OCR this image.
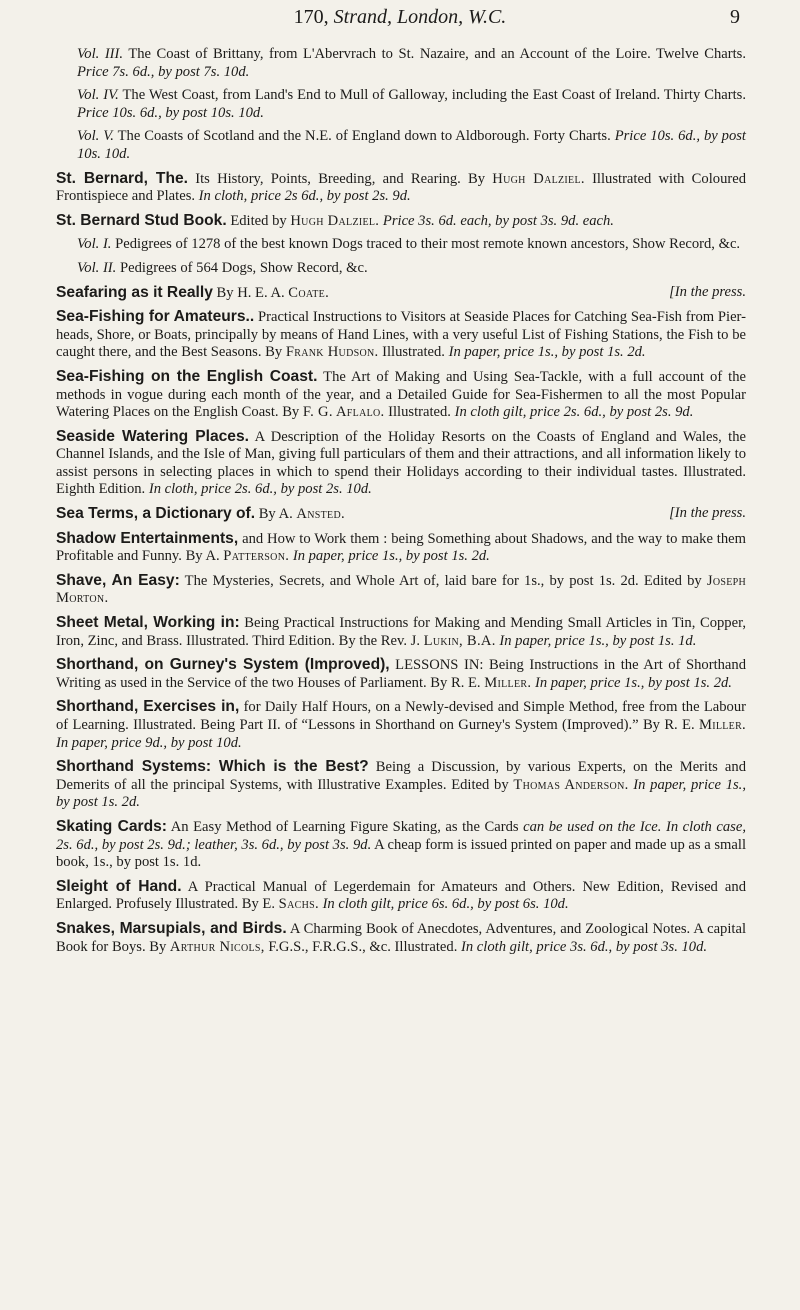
170, Strand, London, W.C.	9
Vol. III. The Coast of Brittany, from L'Abervrach to St. Nazaire, and an Account of the Loire. Twelve Charts. Price 7s. 6d., by post 7s. 10d.
Vol. IV. The West Coast, from Land's End to Mull of Galloway, including the East Coast of Ireland. Thirty Charts. Price 10s. 6d., by post 10s. 10d.
Vol. V. The Coasts of Scotland and the N.E. of England down to Aldborough. Forty Charts. Price 10s. 6d., by post 10s. 10d.
St. Bernard, The. Its History, Points, Breeding, and Rearing. By Hugh Dalziel. Illustrated with Coloured Frontispiece and Plates. In cloth, price 2s 6d., by post 2s. 9d.
St. Bernard Stud Book. Edited by Hugh Dalziel. Price 3s. 6d. each, by post 3s. 9d. each.
Vol. I. Pedigrees of 1278 of the best known Dogs traced to their most remote known ancestors, Show Record, &c.
Vol. II. Pedigrees of 564 Dogs, Show Record, &c.
[In the press.
Seafaring as it Really By H. E. A. Coate.
Sea-Fishing for Amateurs.. Practical Instructions to Visitors at Seaside Places for Catching Sea-Fish from Pier-heads, Shore, or Boats, principally by means of Hand Lines, with a very useful List of Fishing Stations, the Fish to be caught there, and the Best Seasons. By Frank Hudson. Illustrated. In paper, price 1s., by post 1s. 2d.
Sea-Fishing on the English Coast. The Art of Making and Using Sea-Tackle, with a full account of the methods in vogue during each month of the year, and a Detailed Guide for Sea-Fishermen to all the most Popular Watering Places on the English Coast. By F. G. Aflalo. Illustrated. In cloth gilt, price 2s. 6d., by post 2s. 9d.
Seaside Watering Places. A Description of the Holiday Resorts on the Coasts of England and Wales, the Channel Islands, and the Isle of Man, giving full particulars of them and their attractions, and all information likely to assist persons in selecting places in which to spend their Holidays according to their individual tastes. Illustrated. Eighth Edition. In cloth, price 2s. 6d., by post 2s. 10d.
[In the press.
Sea Terms, a Dictionary of. By A. Ansted.
Shadow Entertainments, and How to Work them : being Something about Shadows, and the way to make them Profitable and Funny. By A. Patterson. In paper, price 1s., by post 1s. 2d.
Shave, An Easy: The Mysteries, Secrets, and Whole Art of, laid bare for 1s., by post 1s. 2d. Edited by Joseph Morton.
Sheet Metal, Working in: Being Practical Instructions for Making and Mending Small Articles in Tin, Copper, Iron, Zinc, and Brass. Illustrated. Third Edition. By the Rev. J. Lukin, B.A. In paper, price 1s., by post 1s. 1d.
Shorthand, on Gurney's System (Improved), LESSONS IN: Being Instructions in the Art of Shorthand Writing as used in the Service of the two Houses of Parliament. By R. E. Miller. In paper, price 1s., by post 1s. 2d.
Shorthand, Exercises in, for Daily Half Hours, on a Newly-devised and Simple Method, free from the Labour of Learning. Illustrated. Being Part II. of “Lessons in Shorthand on Gurney's System (Improved).” By R. E. Miller. In paper, price 9d., by post 10d.
Shorthand Systems: Which is the Best? Being a Discussion, by various Experts, on the Merits and Demerits of all the principal Systems, with Illustrative Examples. Edited by Thomas Anderson. In paper, price 1s., by post 1s. 2d.
Skating Cards: An Easy Method of Learning Figure Skating, as the Cards can be used on the Ice. In cloth case, 2s. 6d., by post 2s. 9d.; leather, 3s. 6d., by post 3s. 9d. A cheap form is issued printed on paper and made up as a small book, 1s., by post 1s. 1d.
Sleight of Hand. A Practical Manual of Legerdemain for Amateurs and Others. New Edition, Revised and Enlarged. Profusely Illustrated. By E. Sachs. In cloth gilt, price 6s. 6d., by post 6s. 10d.
Snakes, Marsupials, and Birds. A Charming Book of Anecdotes, Adventures, and Zoological Notes. A capital Book for Boys. By Arthur Nicols, F.G.S., F.R.G.S., &c. Illustrated. In cloth gilt, price 3s. 6d., by post 3s. 10d.
